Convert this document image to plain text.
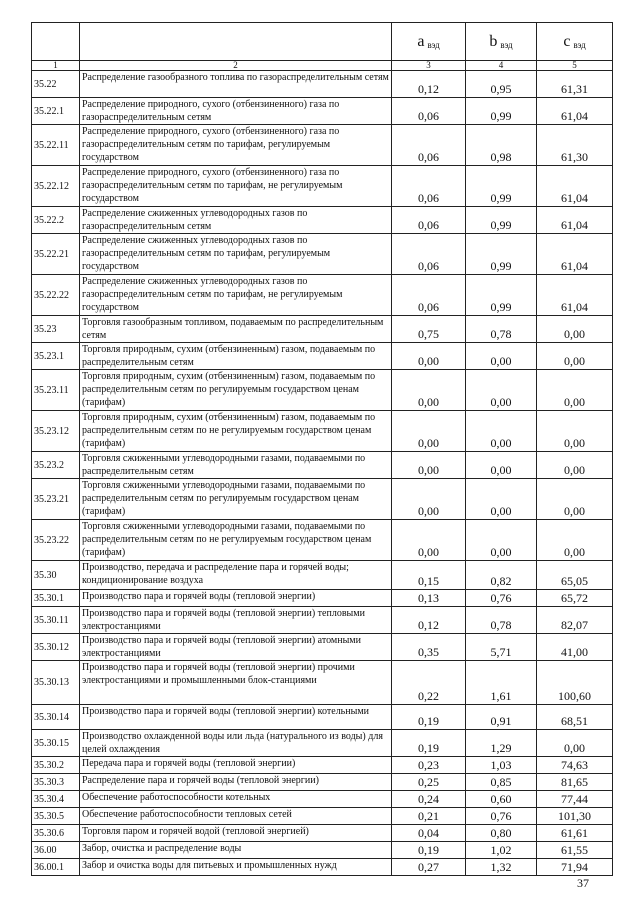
		a $_{вэд}$	b $_{вэд}$	c $_{вэд}$
1	2	3	4	5
35.22	Распределение газообразного топлива по газораспределительным сетям	0,12	0,95	61,31
35.22.1	Распределение природного, сухого (отбензиненного) газа по газораспределительным сетям	0,06	0,99	61,04
35.22.11	Распределение природного, сухого (отбензиненного) газа по газораспределительным сетям по тарифам, регулируемым государством	0,06	0,98	61,30
35.22.12	Распределение природного, сухого (отбензиненного) газа по газораспределительным сетям по тарифам, не регулируемым государством	0,06	0,99	61,04
35.22.2	Распределение сжиженных углеводородных газов по газораспределительным сетям	0,06	0,99	61,04
35.22.21	Распределение сжиженных углеводородных газов по газораспределительным сетям по тарифам, регулируемым государством	0,06	0,99	61,04
35.22.22	Распределение сжиженных углеводородных газов по газораспределительным сетям по тарифам, не регулируемым государством	0,06	0,99	61,04
35.23	Торговля газообразным топливом, подаваемым по распределительным сетям	0,75	0,78	0,00
35.23.1	Торговля природным, сухим (отбензиненным) газом, подаваемым по распределительным сетям	0,00	0,00	0,00
35.23.11	Торговля природным, сухим (отбензиненным) газом, подаваемым по распределительным сетям по регулируемым государством ценам (тарифам)	0,00	0,00	0,00
35.23.12	Торговля природным, сухим (отбензиненным) газом, подаваемым по распределительным сетям по не регулируемым государством ценам (тарифам)	0,00	0,00	0,00
35.23.2	Торговля сжиженными углеводородными газами, подаваемыми по распределительным сетям	0,00	0,00	0,00
35.23.21	Торговля сжиженными углеводородными газами, подаваемыми по распределительным сетям по регулируемым государством ценам (тарифам)	0,00	0,00	0,00
35.23.22	Торговля сжиженными углеводородными газами, подаваемыми по распределительным сетям по не регулируемым государством ценам (тарифам)	0,00	0,00	0,00
35.30	Производство, передача и распределение пара и горячей воды; кондиционирование воздуха	0,15	0,82	65,05
35.30.1	Производство пара и горячей воды (тепловой энергии)	0,13	0,76	65,72
35.30.11	Производство пара и горячей воды (тепловой энергии) тепловыми электростанциями	0,12	0,78	82,07
35.30.12	Производство пара и горячей воды (тепловой энергии) атомными электростанциями	0,35	5,71	41,00
35.30.13	Производство пара и горячей воды (тепловой энергии) прочими электростанциями и промышленными блок-станциями	0,22	1,61	100,60
35.30.14	Производство пара и горячей воды (тепловой энергии) котельными	0,19	0,91	68,51
35.30.15	Производство охлажденной воды или льда (натурального из воды) для целей охлаждения	0,19	1,29	0,00
35.30.2	Передача пара и горячей воды (тепловой энергии)	0,23	1,03	74,63
35.30.3	Распределение пара и горячей воды (тепловой энергии)	0,25	0,85	81,65
35.30.4	Обеспечение работоспособности котельных	0,24	0,60	77,44
35.30.5	Обеспечение работоспособности тепловых сетей	0,21	0,76	101,30
35.30.6	Торговля паром и горячей водой (тепловой энергией)	0,04	0,80	61,61
36.00	Забор, очистка и распределение воды	0,19	1,02	61,55
36.00.1	Забор и очистка воды для питьевых и промышленных нужд	0,27	1,32	71,94
37
